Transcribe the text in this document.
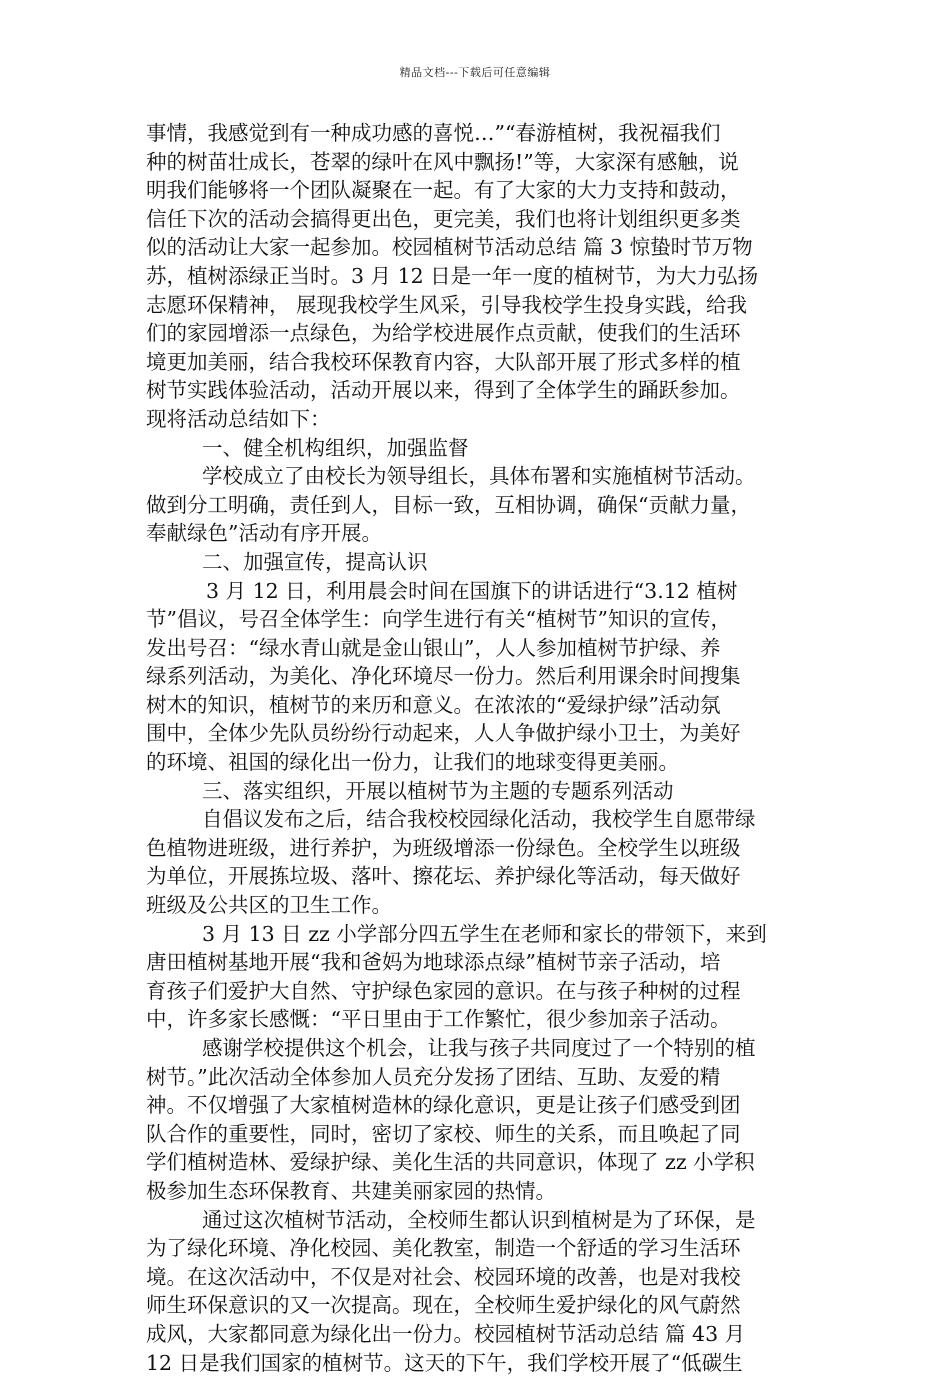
精品文档---下载后可任意编辑
事情，我感觉到有一种成功感的喜悦…”“春游植树，我祝福我们
种的树苗壮成长，苍翠的绿叶在风中飘扬!”等，大家深有感触，说
明我们能够将一个团队凝聚在一起。有了大家的大力支持和鼓动，
信任下次的活动会搞得更出色，更完美，我们也将计划组织更多类
似的活动让大家一起参加。校园植树节活动总结 篇 3 惊蛰时节万物
苏，植树添绿正当时。3 月 12 日是一年一度的植树节，为大力弘扬
志愿环保精神， 展现我校学生风采，引导我校学生投身实践，给我
们的家园增添一点绿色，为给学校进展作点贡献，使我们的生活环
境更加美丽，结合我校环保教育内容，大队部开展了形式多样的植
树节实践体验活动，活动开展以来，得到了全体学生的踊跃参加。
现将活动总结如下：
一、健全机构组织，加强监督
学校成立了由校长为领导组长，具体布署和实施植树节活动。
做到分工明确，责任到人，目标一致，互相协调，确保“贡献力量，
奉献绿色”活动有序开展。
二、加强宣传，提高认识
3 月 12 日，利用晨会时间在国旗下的讲话进行“3.12 植树
节”倡议，号召全体学生：向学生进行有关“植树节”知识的宣传，
发出号召：“绿水青山就是金山银山”，人人参加植树节护绿、养
绿系列活动，为美化、净化环境尽一份力。然后利用课余时间搜集
树木的知识，植树节的来历和意义。在浓浓的“爱绿护绿”活动氛
围中，全体少先队员纷纷行动起来，人人争做护绿小卫士，为美好
的环境、祖国的绿化出一份力，让我们的地球变得更美丽。
三、落实组织，开展以植树节为主题的专题系列活动
自倡议发布之后，结合我校校园绿化活动，我校学生自愿带绿
色植物进班级，进行养护，为班级增添一份绿色。全校学生以班级
为单位，开展拣垃圾、落叶、擦花坛、养护绿化等活动，每天做好
班级及公共区的卫生工作。
3 月 13 日 zz 小学部分四五学生在老师和家长的带领下，来到
唐田植树基地开展“我和爸妈为地球添点绿”植树节亲子活动，培
育孩子们爱护大自然、守护绿色家园的意识。在与孩子种树的过程
中，许多家长感慨：“平日里由于工作繁忙，很少参加亲子活动。
感谢学校提供这个机会，让我与孩子共同度过了一个特别的植
树节。”此次活动全体参加人员充分发扬了团结、互助、友爱的精
神。不仅增强了大家植树造林的绿化意识，更是让孩子们感受到团
队合作的重要性，同时，密切了家校、师生的关系，而且唤起了同
学们植树造林、爱绿护绿、美化生活的共同意识，体现了 zz 小学积
极参加生态环保教育、共建美丽家园的热情。
通过这次植树节活动，全校师生都认识到植树是为了环保，是
为了绿化环境、净化校园、美化教室，制造一个舒适的学习生活环
境。在这次活动中，不仅是对社会、校园环境的改善，也是对我校
师生环保意识的又一次提高。现在，全校师生爱护绿化的风气蔚然
成风，大家都同意为绿化出一份力。校园植树节活动总结 篇 43 月
12 日是我们国家的植树节。这天的下午，我们学校开展了“低碳生
